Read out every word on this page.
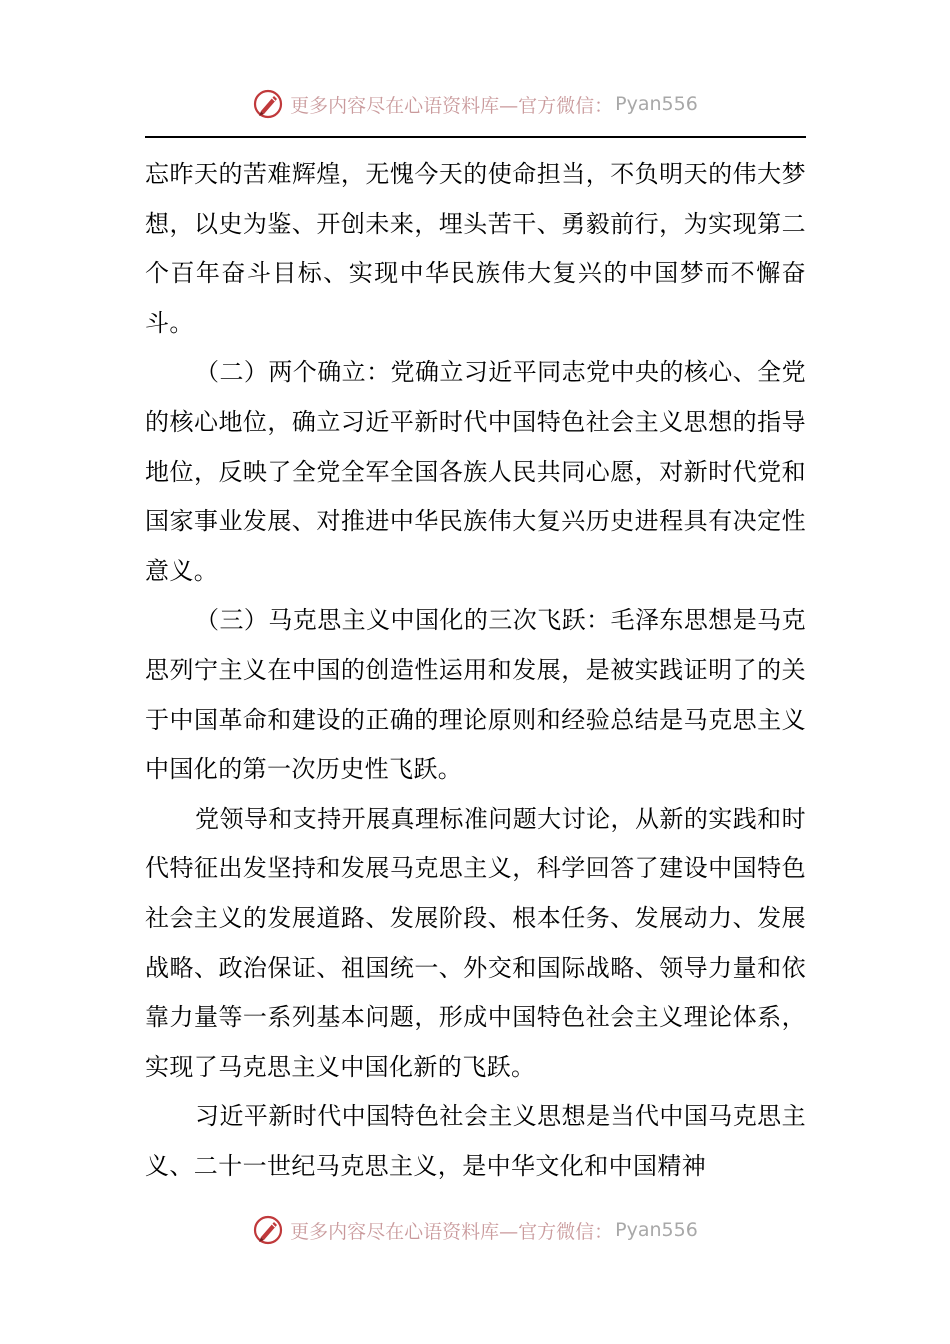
更多内容尽在心语资料库—官方微信： Pyan556

忘昨天的苦难辉煌，无愧今天的使命担当，不负明天的伟大梦想，以史为鉴、开创未来，埋头苦干、勇毅前行，为实现第二个百年奋斗目标、实现中华民族伟大复兴的中国梦而不懈奋斗。

（二）两个确立：党确立习近平同志党中央的核心、全党的核心地位，确立习近平新时代中国特色社会主义思想的指导地位，反映了全党全军全国各族人民共同心愿，对新时代党和国家事业发展、对推进中华民族伟大复兴历史进程具有决定性意义。

（三）马克思主义中国化的三次飞跃：毛泽东思想是马克思列宁主义在中国的创造性运用和发展，是被实践证明了的关于中国革命和建设的正确的理论原则和经验总结是马克思主义中国化的第一次历史性飞跃。

党领导和支持开展真理标准问题大讨论，从新的实践和时代特征出发坚持和发展马克思主义，科学回答了建设中国特色社会主义的发展道路、发展阶段、根本任务、发展动力、发展战略、政治保证、祖国统一、外交和国际战略、领导力量和依靠力量等一系列基本问题，形成中国特色社会主义理论体系，实现了马克思主义中国化新的飞跃。

习近平新时代中国特色社会主义思想是当代中国马克思主义、二十一世纪马克思主义，是中华文化和中国精神

更多内容尽在心语资料库—官方微信： Pyan556
